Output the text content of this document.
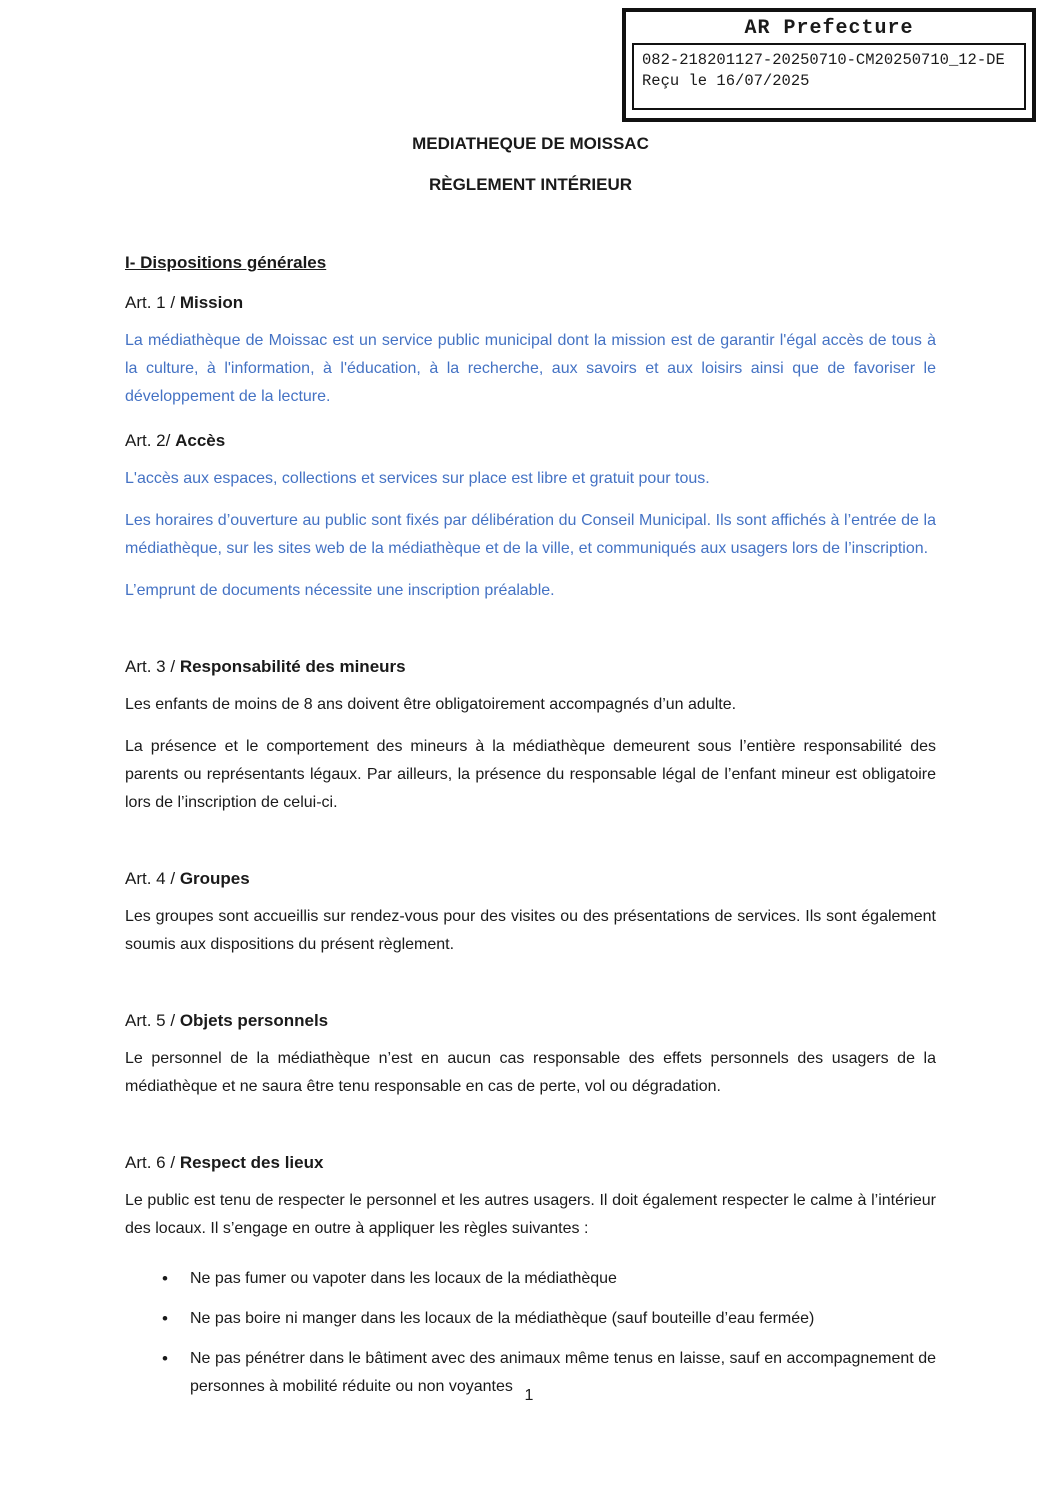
AR Prefecture
082-218201127-20250710-CM20250710_12-DE
Reçu le 16/07/2025
MEDIATHEQUE DE MOISSAC
RÈGLEMENT INTÉRIEUR
I- Dispositions générales

Art. 1 / Mission

La médiathèque de Moissac est un service public municipal dont la mission est de garantir l'égal accès de tous à la culture, à l'information, à l'éducation, à la recherche, aux savoirs et aux loisirs ainsi que de favoriser le développement de la lecture.

Art. 2/ Accès

L'accès aux espaces, collections et services sur place est libre et gratuit pour tous.

Les horaires d’ouverture au public sont fixés par délibération du Conseil Municipal. Ils sont affichés à l’entrée de la médiathèque, sur les sites web de la médiathèque et de la ville, et communiqués aux usagers lors de l’inscription.

L’emprunt de documents nécessite une inscription préalable.

Art. 3 / Responsabilité des mineurs

Les enfants de moins de 8 ans doivent être obligatoirement accompagnés d’un adulte.

La présence et le comportement des mineurs à la médiathèque demeurent sous l’entière responsabilité des parents ou représentants légaux. Par ailleurs, la présence du responsable légal de l’enfant mineur est obligatoire lors de l’inscription de celui-ci.

Art. 4 / Groupes

Les groupes sont accueillis sur rendez-vous pour des visites ou des présentations de services. Ils sont également soumis aux dispositions du présent règlement.

Art. 5 / Objets personnels

Le personnel de la médiathèque n’est en aucun cas responsable des effets personnels des usagers de la médiathèque et ne saura être tenu responsable en cas de perte, vol ou dégradation.

Art. 6 / Respect des lieux

Le public est tenu de respecter le personnel et les autres usagers. Il doit également respecter le calme à l’intérieur des locaux. Il s’engage en outre à appliquer les règles suivantes :

• Ne pas fumer ou vapoter dans les locaux de la médiathèque
• Ne pas boire ni manger dans les locaux de la médiathèque (sauf bouteille d’eau fermée)
• Ne pas pénétrer dans le bâtiment avec des animaux même tenus en laisse, sauf en accompagnement de personnes à mobilité réduite ou non voyantes
1
